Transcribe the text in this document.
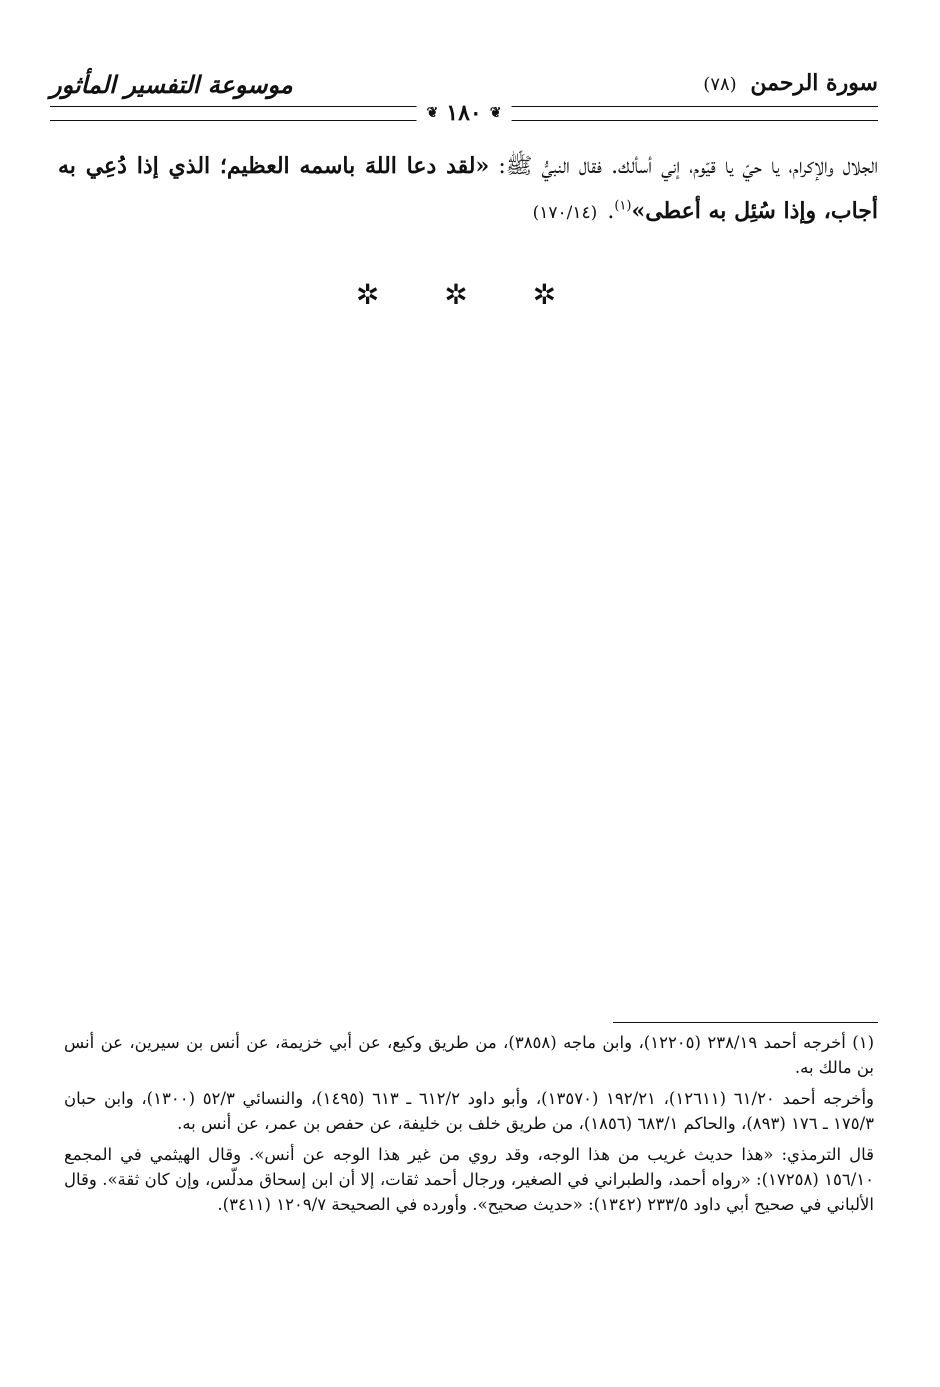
سورة الرحمن (٧٨)
موسوعة التفسير المأثور
❦
١٨٠
❦
الجلال والإكرام، يا حيّ يا قيّوم، إني أسألك. فقال النبيُّ ﷺ: «لقد دعا اللهَ باسمه العظيم؛ الذي إذا دُعِي به أجاب، وإذا سُئِل به أعطى»$^{(١)}$.(١٧٠/١٤)
✲ ✲ ✲

(١) أخرجه أحمد ٢٣٨/١٩ (١٢٢٠٥)، وابن ماجه (٣٨٥٨)، من طريق وكيع، عن أبي خزيمة، عن أنس بن سيرين، عن أنس بن مالك به.

وأخرجه أحمد ٦١/٢٠ (١٢٦١١)، ١٩٢/٢١ (١٣٥٧٠)، وأبو داود ٦١٢/٢ ـ ٦١٣ (١٤٩٥)، والنسائي ٥٢/٣ (١٣٠٠)، وابن حبان ١٧٥/٣ ـ ١٧٦ (٨٩٣)، والحاكم ٦٨٣/١ (١٨٥٦)، من طريق خلف بن خليفة، عن حفص بن عمر، عن أنس به.

قال الترمذي: «هذا حديث غريب من هذا الوجه، وقد روي من غير هذا الوجه عن أنس». وقال الهيثمي في المجمع ١٥٦/١٠ (١٧٢٥٨): «رواه أحمد، والطبراني في الصغير، ورجال أحمد ثقات، إلا أن ابن إسحاق مدلّس، وإن كان ثقة». وقال الألباني في صحيح أبي داود ٢٣٣/٥ (١٣٤٢): «حديث صحيح». وأورده في الصحيحة ١٢٠٩/٧ (٣٤١١).
